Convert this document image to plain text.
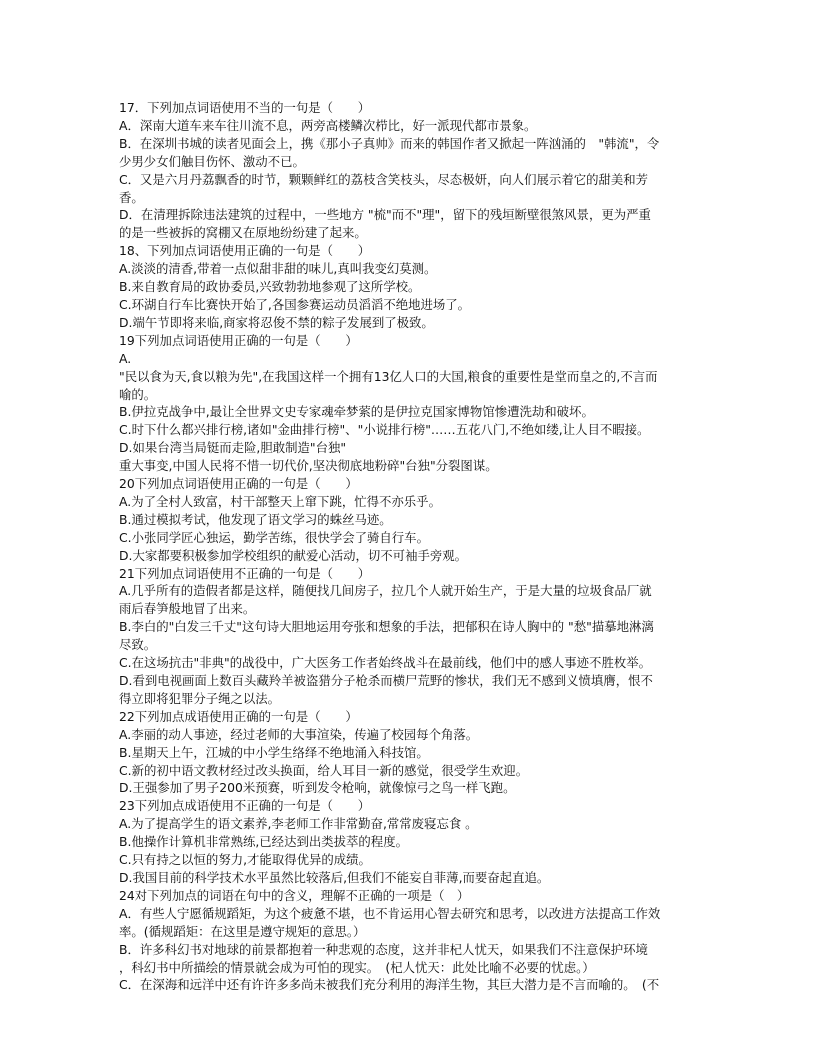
17．下列加点词语使用不当的一句是（　　）
A．深南大道车来车往川流不息，两旁高楼鳞次栉比，好一派现代都市景象。
B．在深圳书城的读者见面会上，携《那小子真帅》而来的韩国作者又掀起一阵汹涌的　"韩流"，令
少男少女们触目伤怀、激动不已。
C．又是六月丹荔飘香的时节，颗颗鲜红的荔枝含笑枝头，尽态极妍，向人们展示着它的甜美和芳
香。
D．在清理拆除违法建筑的过程中，一些地方 "梳"而不"理"，留下的残垣断壁很煞风景，更为严重
的是一些被拆的窝棚又在原地纷纷建了起来。
18、下列加点词语使用正确的一句是（　　）
A.淡淡的清香,带着一点似甜非甜的味儿,真叫我变幻莫测。
B.来自教育局的政协委员,兴致勃勃地参观了这所学校。
C.环湖自行车比赛快开始了,各国参赛运动员滔滔不绝地进场了。
D.端午节即将来临,商家将忍俊不禁的粽子发展到了极致。
19下列加点词语使用正确的一句是（　　）
A.
"民以食为天,食以粮为先",在我国这样一个拥有13亿人口的大国,粮食的重要性是堂而皇之的,不言而
喻的。
B.伊拉克战争中,最让全世界文史专家魂牵梦萦的是伊拉克国家博物馆惨遭洗劫和破坏。
C.时下什么都兴排行榜,诸如"金曲排行榜"、"小说排行榜"……五花八门,不绝如缕,让人目不暇接。
D.如果台湾当局铤而走险,胆敢制造"台独"
重大事变,中国人民将不惜一切代价,坚决彻底地粉碎"台独"分裂图谋。
20下列加点词语使用正确的一句是（　　）
A.为了全村人致富，村干部整天上窜下跳，忙得不亦乐乎。
B.通过模拟考试，他发现了语文学习的蛛丝马迹。
C.小张同学匠心独运，勤学苦练，很快学会了骑自行车。
D.大家都要积极参加学校组织的献爱心活动，切不可袖手旁观。
21下列加点词语使用不正确的一句是（　　）
A.几乎所有的造假者都是这样，随便找几间房子，拉几个人就开始生产，于是大量的垃圾食品厂就
雨后春笋般地冒了出来。
B.李白的"白发三千丈"这句诗大胆地运用夸张和想象的手法，把郁积在诗人胸中的 "愁"描摹地淋漓
尽致。
C.在这场抗击"非典"的战役中，广大医务工作者始终战斗在最前线，他们中的感人事迹不胜枚举。
D.看到电视画面上数百头藏羚羊被盗猎分子枪杀而横尸荒野的惨状，我们无不感到义愤填膺，恨不
得立即将犯罪分子绳之以法。
22下列加点成语使用正确的一句是（　　）
A.李丽的动人事迹，经过老师的大事渲染，传遍了校园每个角落。
B.星期天上午，江城的中小学生络绎不绝地涌入科技馆。
C.新的初中语文教材经过改头换面，给人耳目一新的感觉，很受学生欢迎。
D.王强参加了男子200米预赛，听到发令枪响，就像惊弓之鸟一样飞跑。
23下列加点成语使用不正确的一句是（　　）
A.为了提高学生的语文素养,李老师工作非常勤奋,常常废寝忘食 。
B.他操作计算机非常熟练,已经达到出类拔萃的程度。
C.只有持之以恒的努力,才能取得优异的成绩。
D.我国目前的科学技术水平虽然比较落后,但我们不能妄自菲薄,而要奋起直追。
24对下列加点的词语在句中的含义，理解不正确的一项是（　）
A．有些人宁愿循规蹈矩，为这个疲惫不堪，也不肯运用心智去研究和思考，以改进方法提高工作效
率。(循规蹈矩：在这里是遵守规矩的意思。）
B．许多科幻书对地球的前景都抱着一种悲观的态度，这并非杞人忧天，如果我们不注意保护环境
，科幻书中所描绘的情景就会成为可怕的现实。　(杞人忧天：此处比喻不必要的忧虑。）
C．在深海和远洋中还有许许多多尚未被我们充分利用的海洋生物，其巨大潜力是不言而喻的。　(不
